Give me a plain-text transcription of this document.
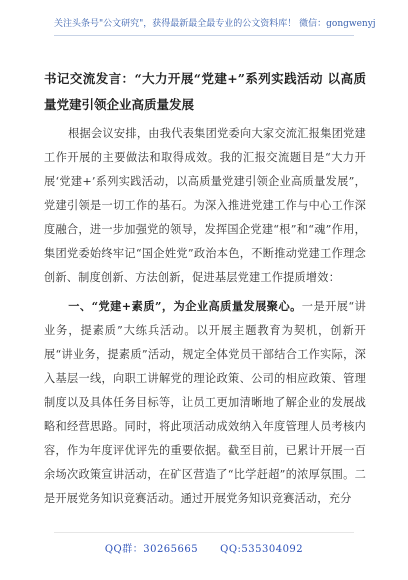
关注头条号"公文研究"，获得最新最全最专业的公文资料库！ 微信：gongwenyj
书记交流发言：“大力开展“党建+”系列实践活动 以高质量党建引领企业高质量发展
根据会议安排，由我代表集团党委向大家交流汇报集团党建工作开展的主要做法和取得成效。我的汇报交流题目是“大力开展‘党建+’系列实践活动，以高质量党建引领企业高质量发展”，党建引领是一切工作的基石。为深入推进党建工作与中心工作深度融合，进一步加强党的领导，发挥国企党建“根”和“魂”作用，集团党委始终牢记“国企姓党”政治本色，不断推动党建工作理念创新、制度创新、方法创新，促进基层党建工作提质增效：
一、“党建+素质”，为企业高质量发展聚心。一是开展“讲业务，提素质”大练兵活动。以开展主题教育为契机，创新开展“讲业务，提素质”活动，规定全体党员干部结合工作实际，深入基层一线，向职工讲解党的理论政策、公司的相应政策、管理制度以及具体任务目标等，让员工更加清晰地了解企业的发展战略和经营思路。同时，将此项活动成效纳入年度管理人员考核内容，作为年度评优评先的重要依据。截至目前，已累计开展一百余场次政策宣讲活动，在矿区营造了“比学赶超”的浓厚氛围。二是开展党务知识竞赛活动。通过开展党务知识竞赛活动，充分
QQ群：30265665 QQ:535304092
